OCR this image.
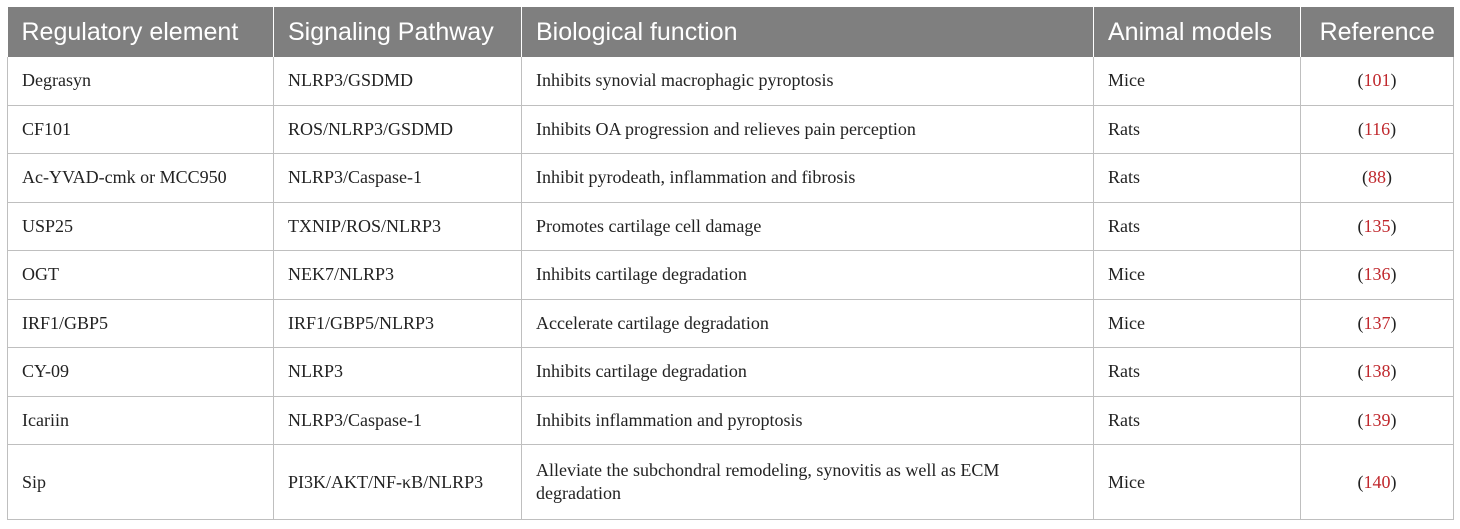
Regulatory element	Signaling Pathway	Biological function	Animal models	Reference
Degrasyn	NLRP3/GSDMD	Inhibits synovial macrophagic pyroptosis	Mice	(101)
CF101	ROS/NLRP3/GSDMD	Inhibits OA progression and relieves pain perception	Rats	(116)
Ac-YVAD-cmk or MCC950	NLRP3/Caspase-1	Inhibit pyrodeath, inflammation and fibrosis	Rats	(88)
USP25	TXNIP/ROS/NLRP3	Promotes cartilage cell damage	Rats	(135)
OGT	NEK7/NLRP3	Inhibits cartilage degradation	Mice	(136)
IRF1/GBP5	IRF1/GBP5/NLRP3	Accelerate cartilage degradation	Mice	(137)
CY-09	NLRP3	Inhibits cartilage degradation	Rats	(138)
Icariin	NLRP3/Caspase-1	Inhibits inflammation and pyroptosis	Rats	(139)
Sip	PI3K/AKT/NF-κB/NLRP3	Alleviate the subchondral remodeling, synovitis as well as ECM degradation	Mice	(140)
